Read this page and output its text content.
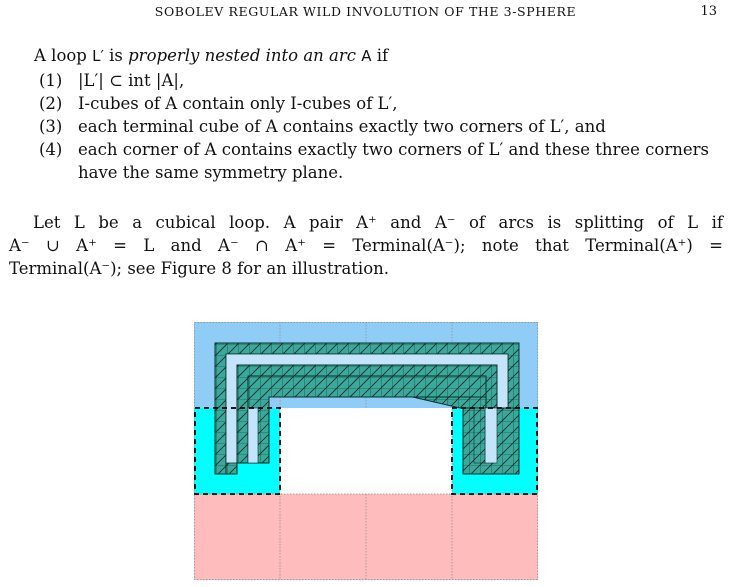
SOBOLEV REGULAR WILD INVOLUTION OF THE 3-SPHERE	13
A loop L′ is properly nested into an arc A if
(1) |L′| ⊂ int |A|,
(2) I-cubes of A contain only I-cubes of L′,
(3) each terminal cube of A contains exactly two corners of L′, and
(4) each corner of A contains exactly two corners of L′ and these three corners have the same symmetry plane.
Let L be a cubical loop. A pair A⁺ and A⁻ of arcs is splitting of L if
A⁻ ∪ A⁺ = L and A⁻ ∩ A⁺ = Terminal(A⁻); note that Terminal(A⁺) =
Terminal(A⁻); see Figure 8 for an illustration.
